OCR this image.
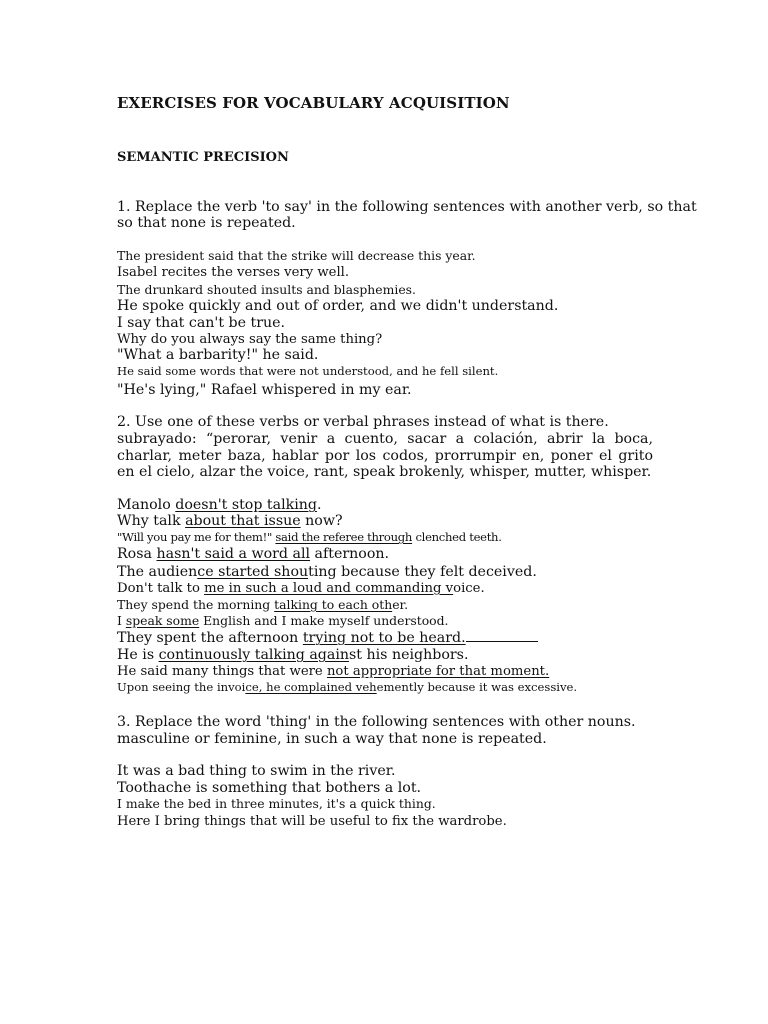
EXERCISES FOR VOCABULARY ACQUISITION
SEMANTIC PRECISION
1. Replace the verb 'to say' in the following sentences with another verb, so that
so that none is repeated.
The president said that the strike will decrease this year.
Isabel recites the verses very well.
The drunkard shouted insults and blasphemies.
He spoke quickly and out of order, and we didn't understand.
I say that can't be true.
Why do you always say the same thing?
"What a barbarity!" he said.
He said some words that were not understood, and he fell silent.
"He's lying," Rafael whispered in my ear.
2. Use one of these verbs or verbal phrases instead of what is there.
subrayado: “perorar, venir a cuento, sacar a colación, abrir la boca, charlar, meter baza, hablar por los codos, prorrumpir en, poner el grito en el cielo, alzar the voice, rant, speak brokenly, whisper, mutter, whisper.
Manolo doesn't stop talking.
Why talk about that issue now?
"Will you pay me for them!" said the referee through clenched teeth.
Rosa hasn't said a word all afternoon.
The audience started shouting because they felt deceived.
Don't talk to me in such a loud and commanding voice.
They spend the morning talking to each other.
I speak some English and I make myself understood.
They spent the afternoon trying not to be heard.
He is continuously talking against his neighbors.
He said many things that were not appropriate for that moment.
Upon seeing the invoice, he complained vehemently because it was excessive.
3. Replace the word 'thing' in the following sentences with other nouns.
masculine or feminine, in such a way that none is repeated.
It was a bad thing to swim in the river.
Toothache is something that bothers a lot.
I make the bed in three minutes, it's a quick thing.
Here I bring things that will be useful to fix the wardrobe.
